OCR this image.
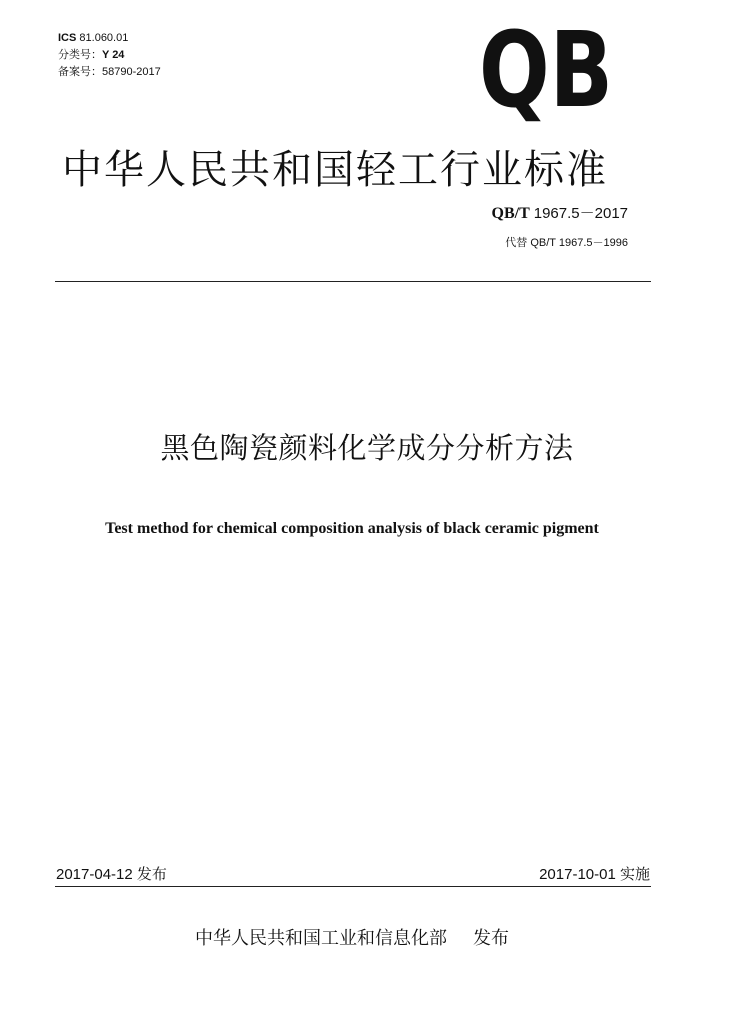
ICS 81.060.01
分类号：Y 24
备案号：58790-2017	QB
中华人民共和国轻工行业标准
QB/T 1967.5－2017
代替 QB/T 1967.5－1996
黑色陶瓷颜料化学成分分析方法
Test method for chemical composition analysis of black ceramic pigment
2017-04-12 发布	2017-10-01 实施
中华人民共和国工业和信息化部 发布
